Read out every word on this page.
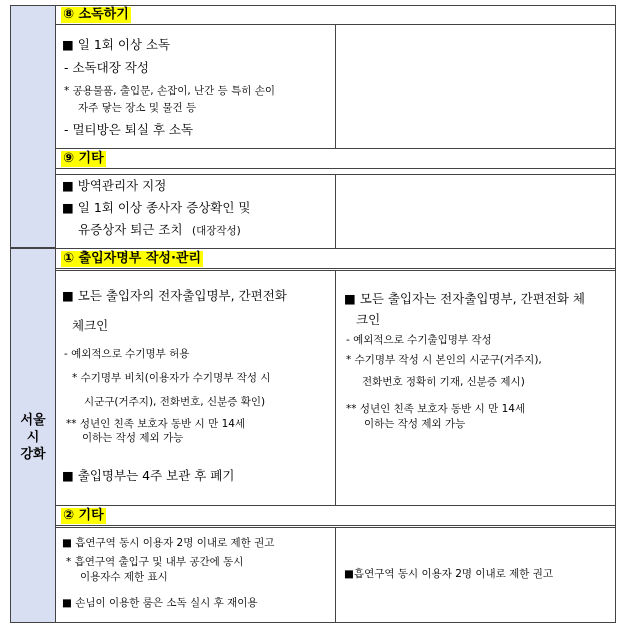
서울
시
강화
⑧ 소독하기
■ 일 1회 이상 소독
- 소독대장 작성
* 공용물품, 출입문, 손잡이, 난간 등 특히 손이
자주 닿는 장소 및 물건 등
- 멀티방은 퇴실 후 소독
⑨ 기타
■ 방역관리자 지정
■ 일 1회 이상 종사자 증상확인 및
유증상자 퇴근 조치 (대장작성)
① 출입자명부 작성·관리
■ 모든 출입자의 전자출입명부, 간편전화
체크인
- 예외적으로 수기명부 허용
* 수기명부 비치(이용자가 수기명부 작성 시
시군구(거주지), 전화번호, 신분증 확인)
** 성년인 친족 보호자 동반 시 만 14세
이하는 작성 제외 가능
■ 출입명부는 4주 보관 후 폐기
■ 모든 출입자는 전자출입명부, 간편전화 체
크인
- 예외적으로 수기출입명부 작성
* 수기명부 작성 시 본인의 시군구(거주지),
전화번호 정확히 기재, 신분증 제시)
** 성년인 친족 보호자 동반 시 만 14세
이하는 작성 제외 가능
② 기타
■ 흡연구역 동시 이용자 2명 이내로 제한 권고
* 흡연구역 출입구 및 내부 공간에 동시
이용자수 제한 표시
■ 손님이 이용한 룸은 소독 실시 후 재이용
■흡연구역 동시 이용자 2명 이내로 제한 권고
